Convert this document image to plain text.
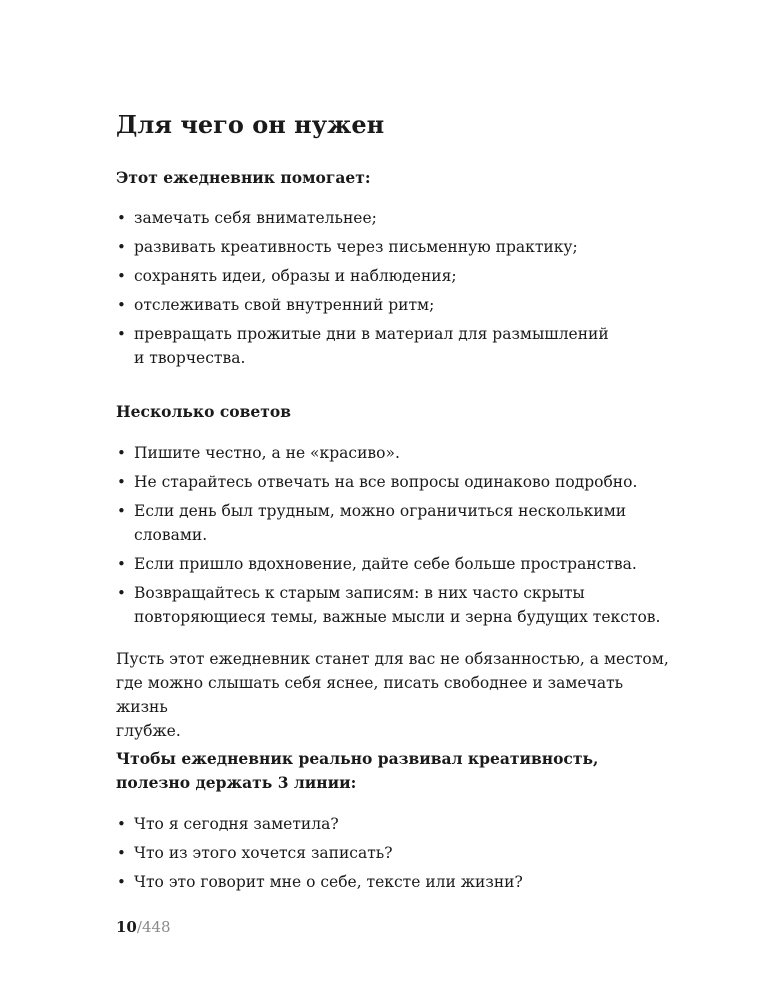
Для чего он нужен

Этот ежедневник помогает:

• замечать себя внимательнее;
• развивать креативность через письменную практику;
• сохранять идеи, образы и наблюдения;
• отслеживать свой внутренний ритм;
• превращать прожитые дни в материал для размышлений
и творчества.

Несколько советов

• Пишите честно, а не «красиво».
• Не старайтесь отвечать на все вопросы одинаково подробно.
• Если день был трудным, можно ограничиться несколькими
словами.
• Если пришло вдохновение, дайте себе больше пространства.
• Возвращайтесь к старым записям: в них часто скрыты
повторяющиеся темы, важные мысли и зерна будущих текстов.
Пусть этот ежедневник станет для вас не обязанностью, а местом,
где можно слышать себя яснее, писать свободнее и замечать жизнь
глубже.
Чтобы ежедневник реально развивал креативность,
полезно держать 3 линии:
• Что я сегодня заметила?
• Что из этого хочется записать?
• Что это говорит мне о себе, тексте или жизни?
10/448
